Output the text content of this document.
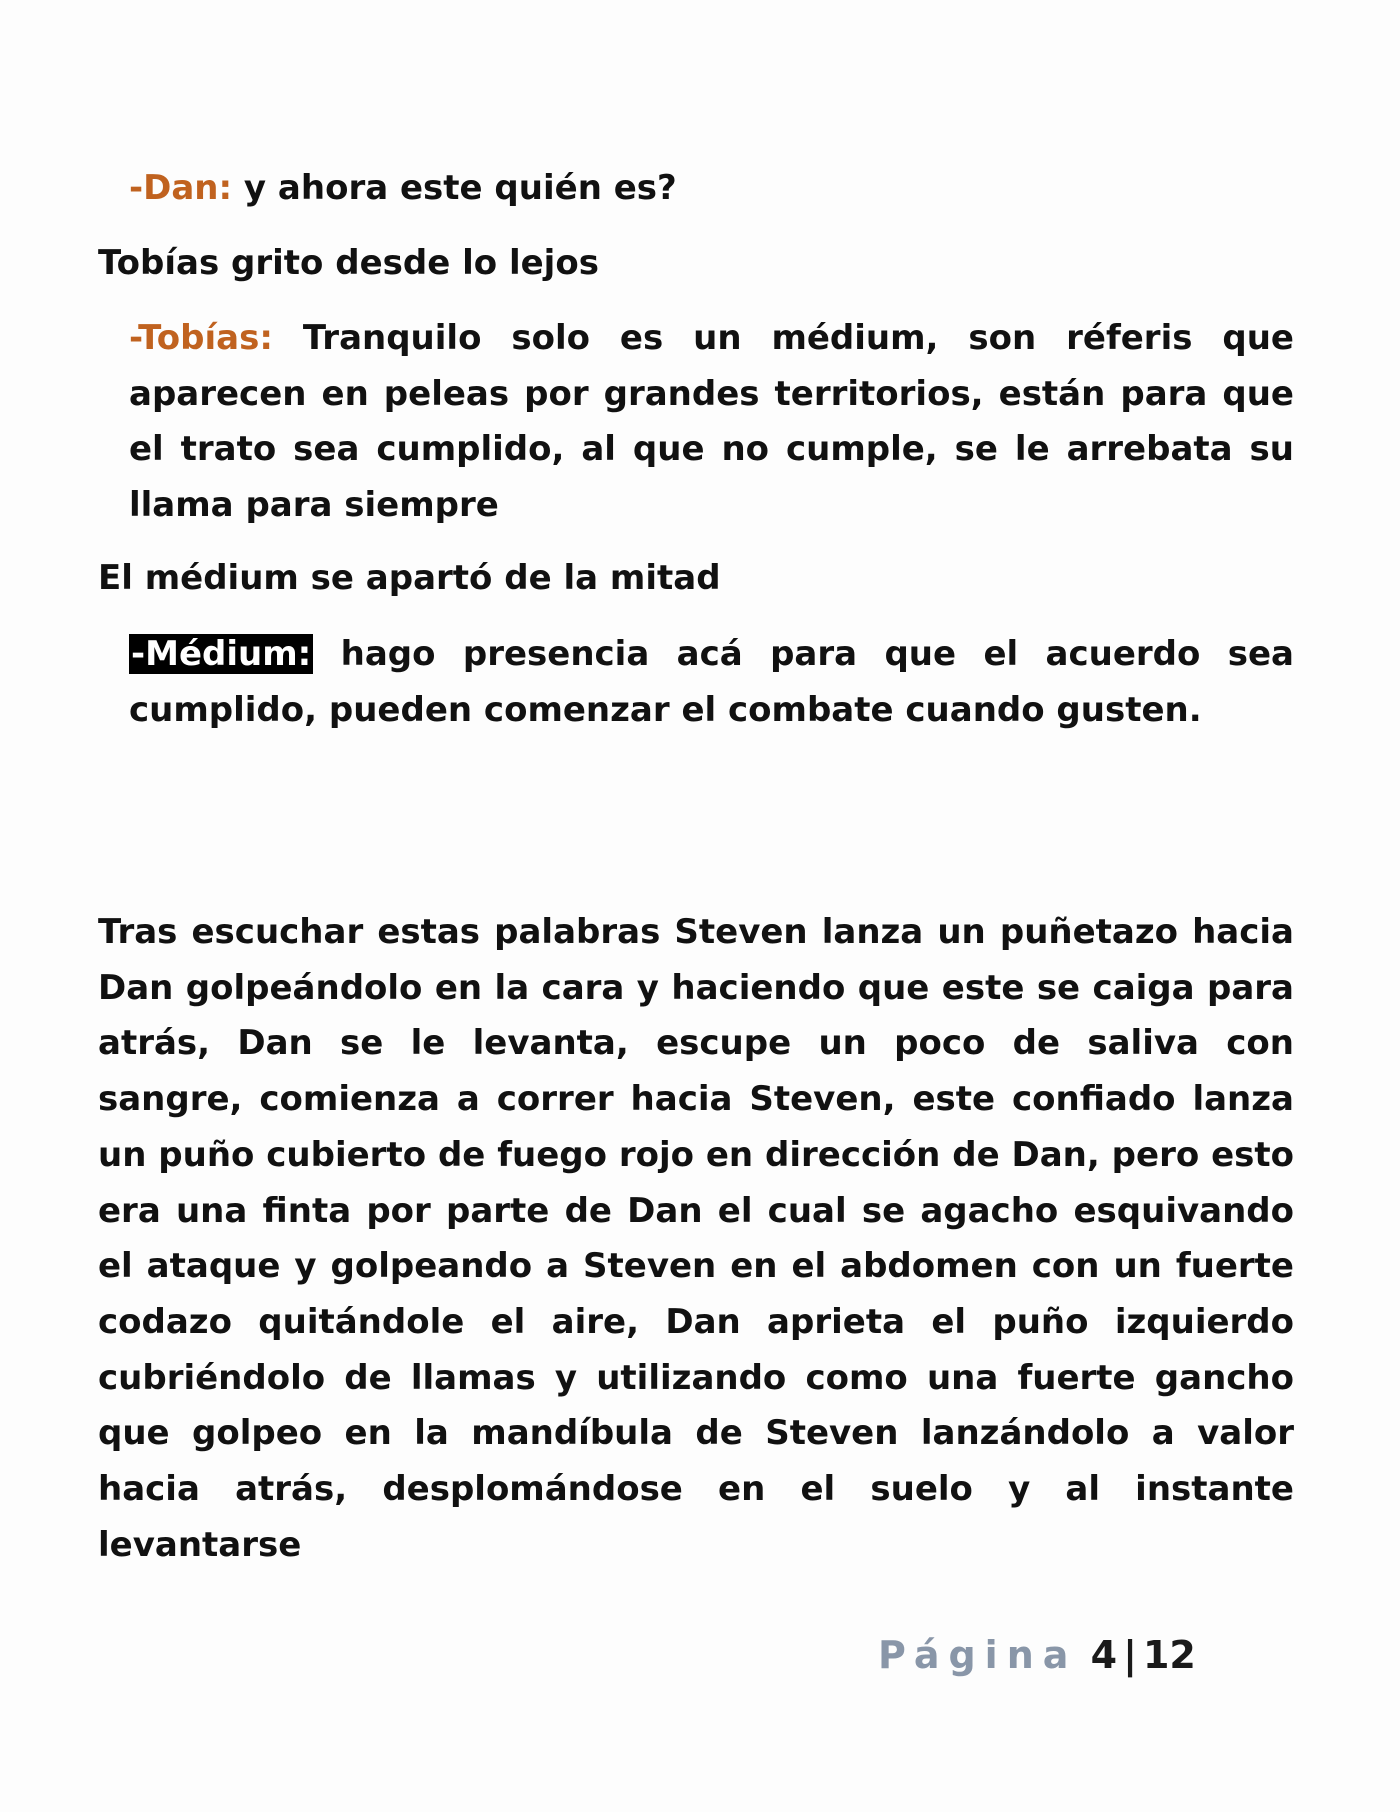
-Dan: y ahora este quién es?
Tobías grito desde lo lejos
-Tobías: Tranquilo solo es un médium, son réferis que aparecen en peleas por grandes territorios, están para que el trato sea cumplido, al que no cumple, se le arrebata su llama para siempre
El médium se apartó de la mitad
-Médium: hago presencia acá para que el acuerdo sea cumplido, pueden comenzar el combate cuando gusten.
Tras escuchar estas palabras Steven lanza un puñetazo hacia Dan golpeándolo en la cara y haciendo que este se caiga para atrás, Dan se le levanta, escupe un poco de saliva con sangre, comienza a correr hacia Steven, este confiado lanza un puño cubierto de fuego rojo en dirección de Dan, pero esto era una finta por parte de Dan el cual se agacho esquivando el ataque y golpeando a Steven en el abdomen con un fuerte codazo quitándole el aire, Dan aprieta el puño izquierdo cubriéndolo de llamas y utilizando como una fuerte gancho que golpeo en la mandíbula de Steven lanzándolo a valor hacia atrás, desplomándose en el suelo y al instante levantarse
Página 4 | 12
